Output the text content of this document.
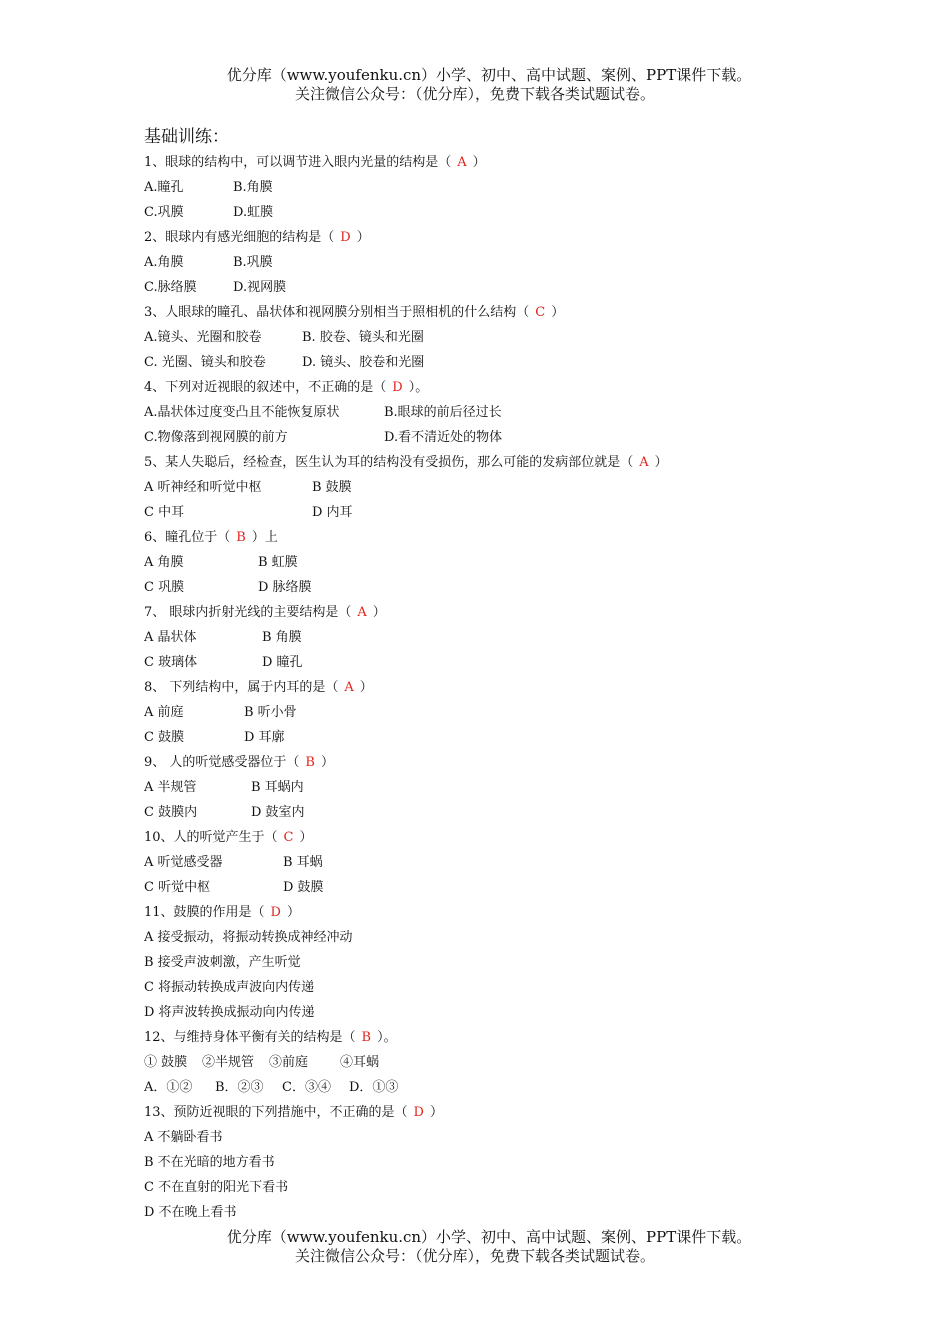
优分库（www.youfenku.cn）小学、初中、高中试题、案例、PPT课件下载。
关注微信公众号：（优分库），免费下载各类试题试卷。
基础训练：
1、眼球的结构中，可以调节进入眼内光量的结构是（ A ）
A.瞳孔	B.角膜
C.巩膜	D.虹膜
2、眼球内有感光细胞的结构是（ D ）
A.角膜	B.巩膜
C.脉络膜	D.视网膜
3、人眼球的瞳孔、晶状体和视网膜分别相当于照相机的什么结构（ C ）
A.镜头、光圈和胶卷	B. 胶卷、镜头和光圈
C. 光圈、镜头和胶卷	D. 镜头、胶卷和光圈
4、下列对近视眼的叙述中，不正确的是（ D ）。
A.晶状体过度变凸且不能恢复原状	B.眼球的前后径过长
C.物像落到视网膜的前方	D.看不清近处的物体
5、某人失聪后，经检查，医生认为耳的结构没有受损伤，那么可能的发病部位就是（ A ）
A 听神经和听觉中枢	B 鼓膜
C 中耳	D 内耳
6、瞳孔位于（ B ）上
A 角膜	B 虹膜
C 巩膜	D 脉络膜
7、 眼球内折射光线的主要结构是（ A ）
A 晶状体	B 角膜
C 玻璃体	D 瞳孔
8、 下列结构中，属于内耳的是（ A ）
A 前庭	B 听小骨
C 鼓膜	D 耳廓
9、 人的听觉感受器位于（ B ）
A 半规管	B 耳蜗内
C 鼓膜内	D 鼓室内
10、人的听觉产生于（ C ）
A 听觉感受器	B 耳蜗
C 听觉中枢	D 鼓膜
11、鼓膜的作用是（ D ）
A 接受振动，将振动转换成神经冲动
B 接受声波刺激，产生听觉
C 将振动转换成声波向内传递
D 将声波转换成振动向内传递
12、与维持身体平衡有关的结构是（ B ）。
① 鼓膜 ②半规管 ③前庭 ④耳蜗
A．①② B．②③ C．③④ D．①③
13、预防近视眼的下列措施中，不正确的是（ D ）
A 不躺卧看书
B 不在光暗的地方看书
C 不在直射的阳光下看书
D 不在晚上看书
优分库（www.youfenku.cn）小学、初中、高中试题、案例、PPT课件下载。
关注微信公众号：（优分库），免费下载各类试题试卷。
